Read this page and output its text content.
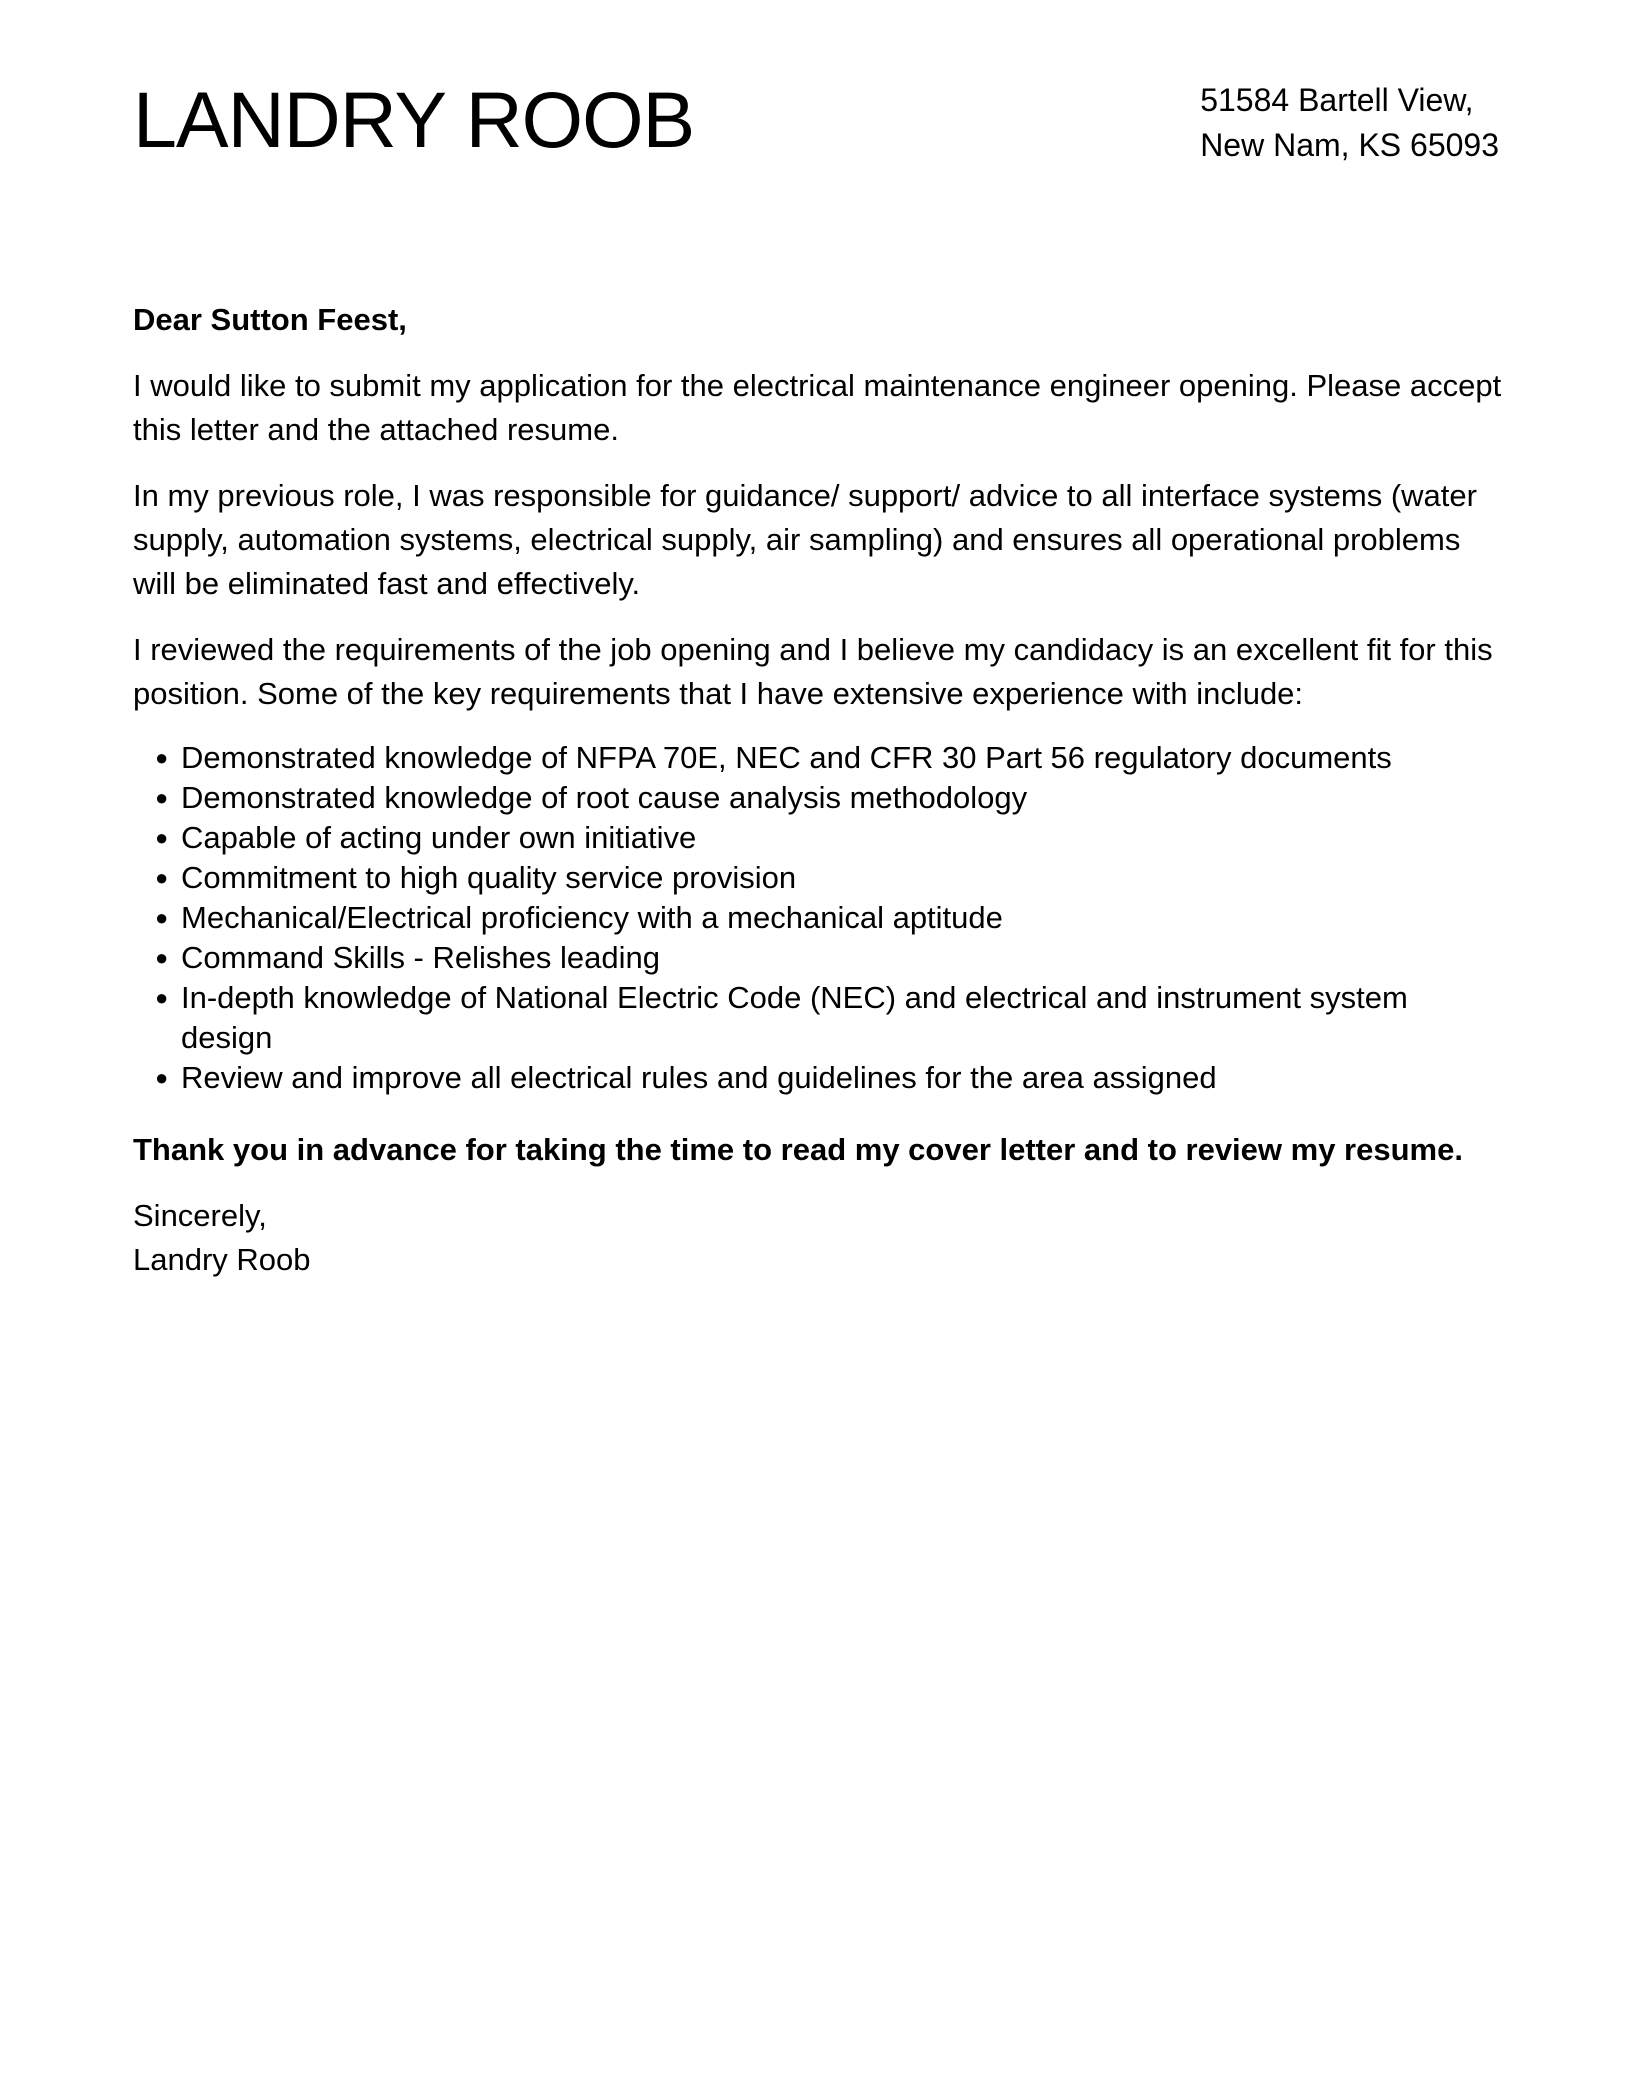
LANDRY ROOB	51584 Bartell View,
New Nam, KS 65093

Dear Sutton Feest,

I would like to submit my application for the electrical maintenance engineer opening. Please accept this letter and the attached resume.

In my previous role, I was responsible for guidance/ support/ advice to all interface systems (water supply, automation systems, electrical supply, air sampling) and ensures all operational problems will be eliminated fast and effectively.

I reviewed the requirements of the job opening and I believe my candidacy is an excellent fit for this position. Some of the key requirements that I have extensive experience with include:

● Demonstrated knowledge of NFPA 70E, NEC and CFR 30 Part 56 regulatory documents
● Demonstrated knowledge of root cause analysis methodology
● Capable of acting under own initiative
● Commitment to high quality service provision
● Mechanical/Electrical proficiency with a mechanical aptitude
● Command Skills - Relishes leading
● In-depth knowledge of National Electric Code (NEC) and electrical and instrument system design
● Review and improve all electrical rules and guidelines for the area assigned

Thank you in advance for taking the time to read my cover letter and to review my resume.

Sincerely,
Landry Roob
